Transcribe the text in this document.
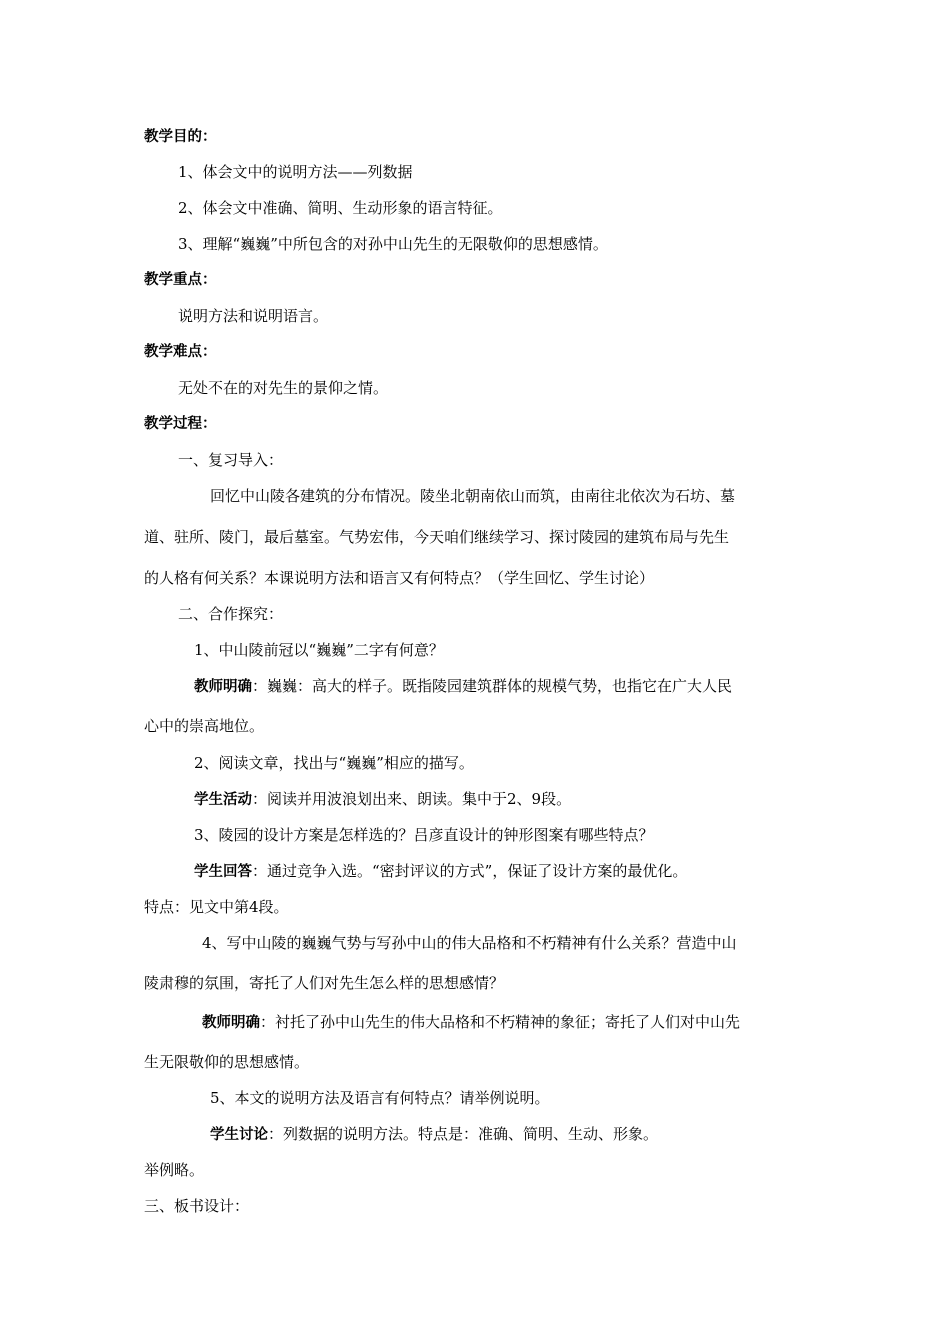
教学目的：
1、体会文中的说明方法——列数据
2、体会文中准确、简明、生动形象的语言特征。
3、理解“巍巍”中所包含的对孙中山先生的无限敬仰的思想感情。
教学重点：
说明方法和说明语言。
教学难点：
无处不在的对先生的景仰之情。
教学过程：
一、复习导入：
回忆中山陵各建筑的分布情况。陵坐北朝南依山而筑，由南往北依次为石坊、墓
道、驻所、陵门，最后墓室。气势宏伟，今天咱们继续学习、探讨陵园的建筑布局与先生
的人格有何关系？本课说明方法和语言又有何特点？（学生回忆、学生讨论）
二、合作探究：
1、中山陵前冠以“巍巍”二字有何意？
教师明确：巍巍：高大的样子。既指陵园建筑群体的规模气势，也指它在广大人民
心中的崇高地位。
2、阅读文章，找出与“巍巍”相应的描写。
学生活动：阅读并用波浪划出来、朗读。集中于2、9段。
3、陵园的设计方案是怎样选的？吕彦直设计的钟形图案有哪些特点？
学生回答：通过竞争入选。“密封评议的方式”，保证了设计方案的最优化。
特点：见文中第4段。
4、写中山陵的巍巍气势与写孙中山的伟大品格和不朽精神有什么关系？营造中山
陵肃穆的氛围，寄托了人们对先生怎么样的思想感情？
教师明确：衬托了孙中山先生的伟大品格和不朽精神的象征；寄托了人们对中山先
生无限敬仰的思想感情。
5、本文的说明方法及语言有何特点？请举例说明。
学生讨论：列数据的说明方法。特点是：准确、简明、生动、形象。
举例略。
三、板书设计：
